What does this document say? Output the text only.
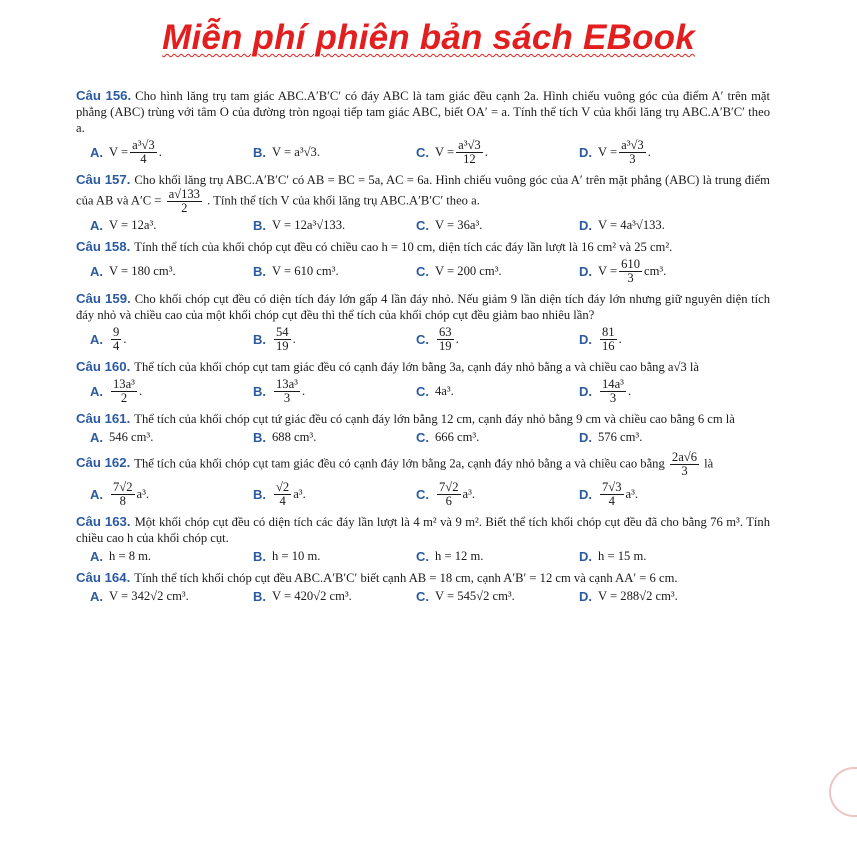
Miễn phí phiên bản sách EBook

Câu 156. Cho hình lăng trụ tam giác ABC.A′B′C′ có đáy ABC là tam giác đều cạnh 2a. Hình chiếu vuông góc của điểm A′ trên mặt phẳng (ABC) trùng với tâm O của đường tròn ngoại tiếp tam giác ABC, biết OA′ = a. Tính thể tích V của khối lăng trụ ABC.A′B′C′ theo a.

A. $V = \frac{\text{a³√3}}{4}$ .	B. V = a³√3.	C. $V = \frac{\text{a³√3}}{12}$ .	D. $V = \frac{\text{a³√3}}{3}$ .

Câu 157. Cho khối lăng trụ ABC.A′B′C′ có AB = BC = 5a, AC = 6a. Hình chiếu vuông góc của A′ trên mặt phẳng (ABC) là trung điểm của AB và $A'C = \frac{a√133}{2}$ . Tính thể tích V của khối lăng trụ ABC.A′B′C′ theo a.

A. V = 12a³.	B. V = 12a³√133.	C. V = 36a³.	D. V = 4a³√133.

Câu 158. Tính thể tích của khối chóp cụt đều có chiều cao h = 10 cm, diện tích các đáy lần lượt là 16 cm² và 25 cm².

A. V = 180 cm³.	B. V = 610 cm³.	C. V = 200 cm³.	D. $V = \frac{610}{3} cm^3$.

Câu 159. Cho khối chóp cụt đều có diện tích đáy lớn gấp 4 lần đáy nhỏ. Nếu giảm 9 lần diện tích đáy lớn nhưng giữ nguyên diện tích đáy nhỏ và chiều cao của một khối chóp cụt đều thì thể tích của khối chóp cụt đều giảm bao nhiêu lần?

A. $\frac{9}{4}$ .	B. $\frac{54}{19}$ .	C. $\frac{63}{19}$ .	D. $\frac{81}{16}$ .

Câu 160. Thể tích của khối chóp cụt tam giác đều có cạnh đáy lớn bằng 3a, cạnh đáy nhỏ bằng a và chiều cao bằng a√3 là

A. $\frac{\text{13a³}}{2}$ .	B. $\frac{\text{13a³}}{3}$ .	C. 4a³.	D. $\frac{\text{14a³}}{3}$ .

Câu 161. Thể tích của khối chóp cụt tứ giác đều có cạnh đáy lớn bằng 12 cm, cạnh đáy nhỏ bằng 9 cm và chiều cao bằng 6 cm là

A. 546 cm³.	B. 688 cm³.	C. 666 cm³.	D. 576 cm³.

Câu 162. Thể tích của khối chóp cụt tam giác đều có cạnh đáy lớn bằng 2a, cạnh đáy nhỏ bằng a và chiều cao bằng $\frac{2a√6}{3}$ là

A. $\frac{7√2}{8} a^3$.	B. $\frac{√2}{4} a^3$.	C. $\frac{7√2}{6} a^3$.	D. $\frac{7√3}{4} a^3$.

Câu 163. Một khối chóp cụt đều có diện tích các đáy lần lượt là 4 m² và 9 m². Biết thể tích khối chóp cụt đều đã cho bằng 76 m³. Tính chiều cao h của khối chóp cụt.

A. h = 8 m.	B. h = 10 m.	C. h = 12 m.	D. h = 15 m.

Câu 164. Tính thể tích khối chóp cụt đều ABC.A′B′C′ biết cạnh AB = 18 cm, cạnh A′B′ = 12 cm và cạnh AA′ = 6 cm.

A. V = 342√2 cm³.	B. V = 420√2 cm³.	C. V = 545√2 cm³.	D. V = 288√2 cm³.
